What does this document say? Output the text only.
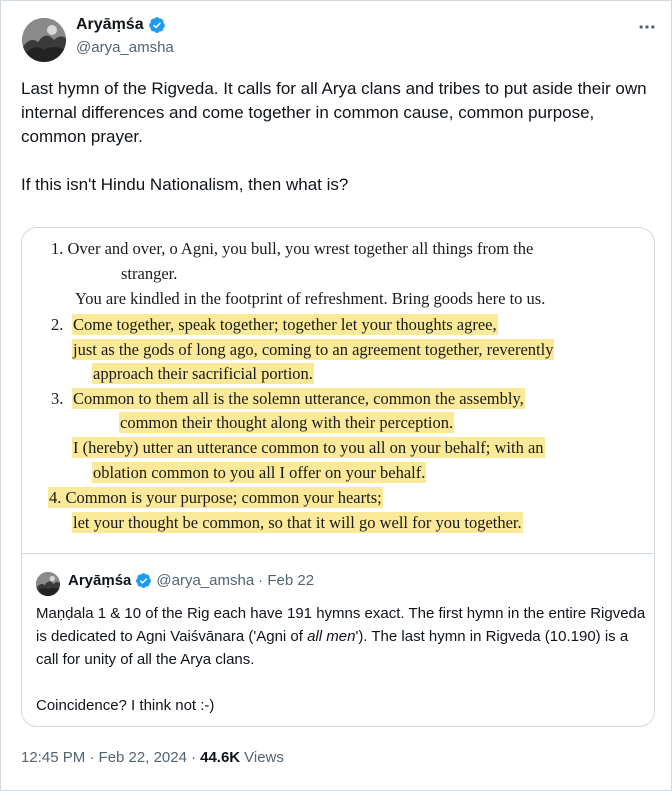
Aryāṃśa
@arya_amsha

Last hymn of the Rigveda. It calls for all Arya clans and tribes to put aside their own internal differences and come together in common cause, common purpose, common prayer.

If this isn't Hindu Nationalism, then what is?

1. Over and over, o Agni, you bull, you wrest together all things from the
stranger.
You are kindled in the footprint of refreshment. Bring goods here to us.
2. Come together, speak together; together let your thoughts agree,
just as the gods of long ago, coming to an agreement together, reverently
approach their sacrificial portion.
3. Common to them all is the solemn utterance, common the assembly,
common their thought along with their perception.
I (hereby) utter an utterance common to you all on your behalf; with an
oblation common to you all I offer on your behalf.
4. Common is your purpose; common your hearts;
let your thought be common, so that it will go well for you together.
Aryāṃśa @arya_amsha · Feb 22

Maṇḍala 1 & 10 of the Rig each have 191 hymns exact. The first hymn in the entire Rigveda is dedicated to Agni Vaiśvānara ('Agni of all men'). The last hymn in Rigveda (10.190) is a call for unity of all the Arya clans.

Coincidence? I think not :-)

12:45 PM · Feb 22, 2024 · 44.6K Views
